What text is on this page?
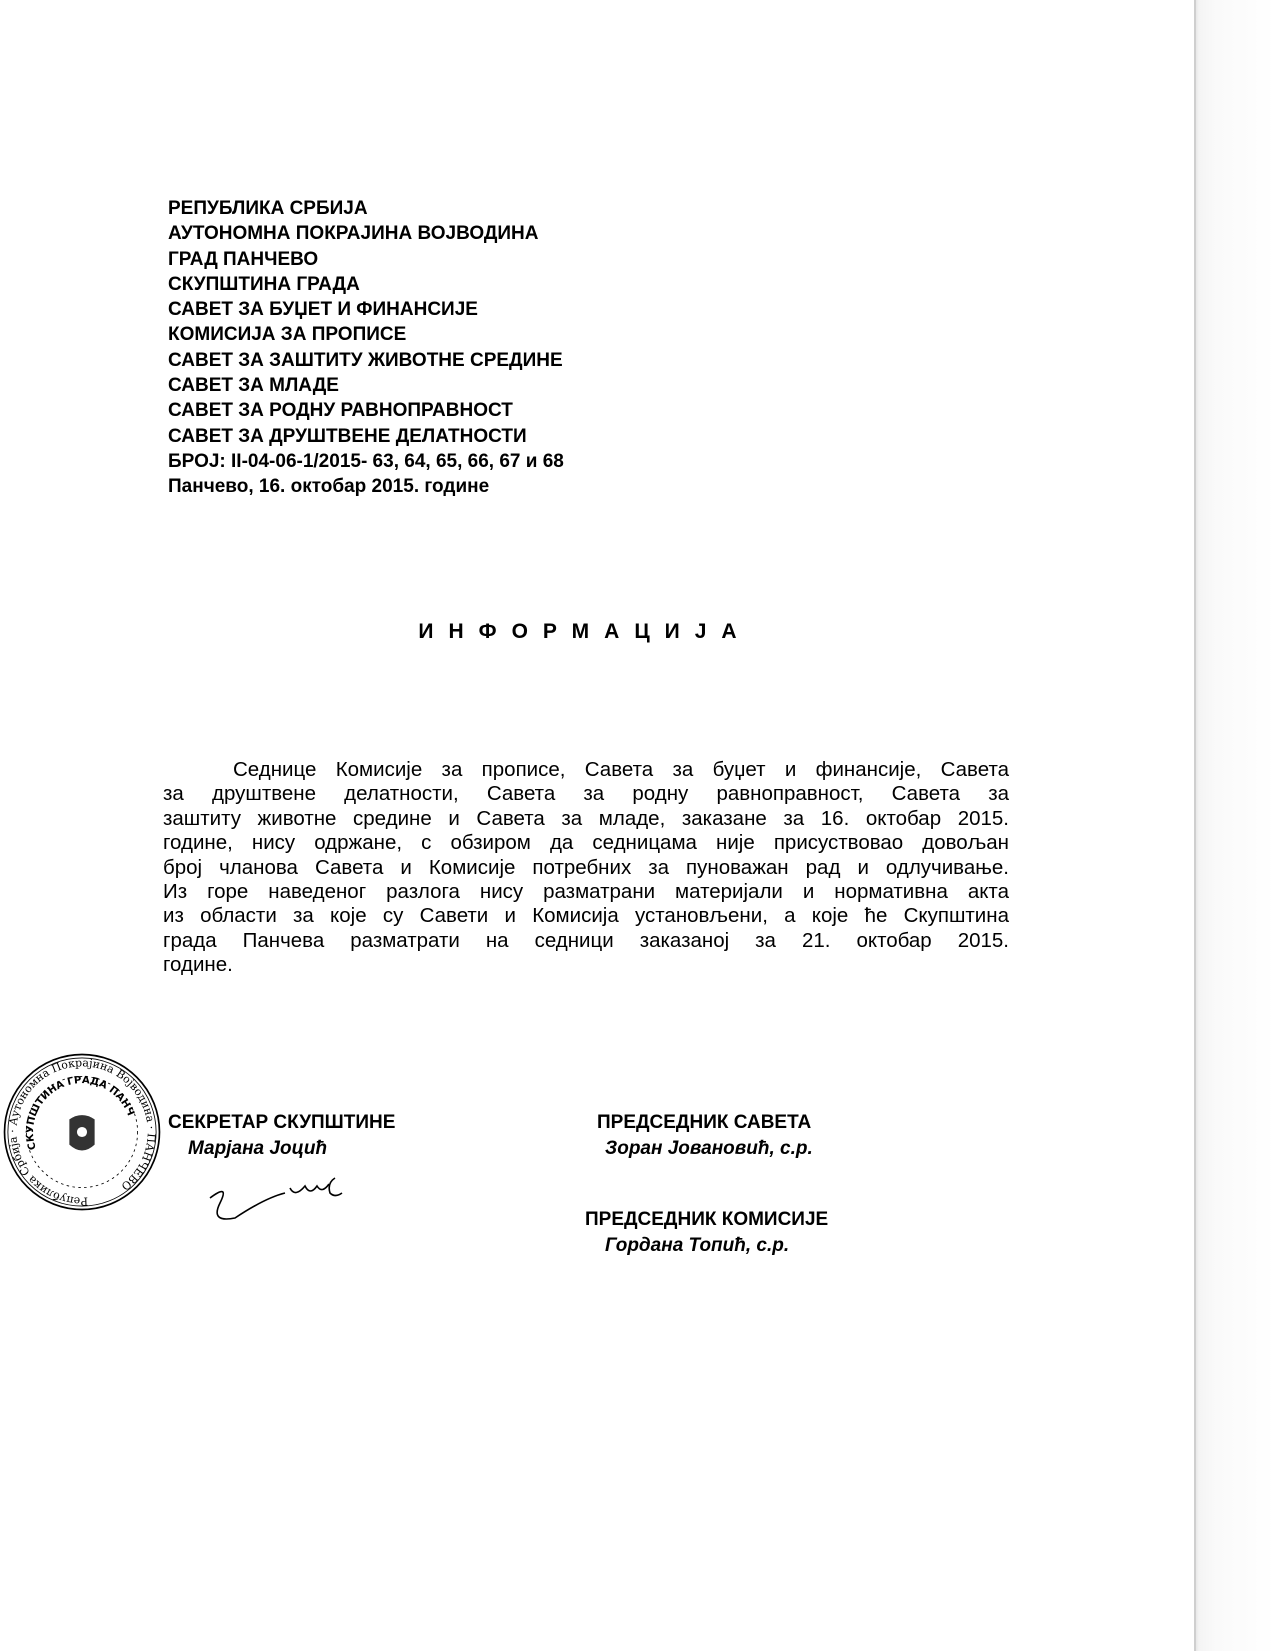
РЕПУБЛИКА СРБИЈА
АУТОНОМНА ПОКРАЈИНА ВОЈВОДИНА
ГРАД ПАНЧЕВО
СКУПШТИНА ГРАДА
САВЕТ ЗА БУЏЕТ И ФИНАНСИЈЕ
КОМИСИЈА ЗА ПРОПИСЕ
САВЕТ ЗА ЗАШТИТУ ЖИВОТНЕ СРЕДИНЕ
САВЕТ ЗА МЛАДЕ
САВЕТ ЗА РОДНУ РАВНОПРАВНОСТ
САВЕТ ЗА ДРУШТВЕНЕ ДЕЛАТНОСТИ
БРОЈ: II-04-06-1/2015- 63, 64, 65, 66, 67 и 68
Панчево, 16. октобар 2015. године
ИНФОРМАЦИЈА
Седнице Комисије за прописе, Савета за буџет и финансије, Савета
за друштвене делатности, Савета за родну равноправност, Савета за
заштиту животне средине и Савета за младе, заказане за 16. октобар 2015.
године, нису одржане, с обзиром да седницама није присуствовао довољан
број чланова Савета и Комисије потребних за пуноважан рад и одлучивање.
Из горе наведеног разлога нису разматрани материјали и нормативна акта
из области за које су Савети и Комисија установљени, а које ће Скупштина
града Панчева разматрати на седници заказаној за 21. октобар 2015.
године.
Република Србија · Аутономна Покрајина Војводина · ПАНЧЕВО
СКУПШТИНА ГРАДА ПАНЧЕВА
СЕКРЕТАР СКУПШТИНЕ
Марјана Јоцић
ПРЕДСЕДНИК САВЕТА
Зоран Јовановић, с.р.
ПРЕДСЕДНИК КОМИСИЈЕ
Гордана Топић, с.р.
